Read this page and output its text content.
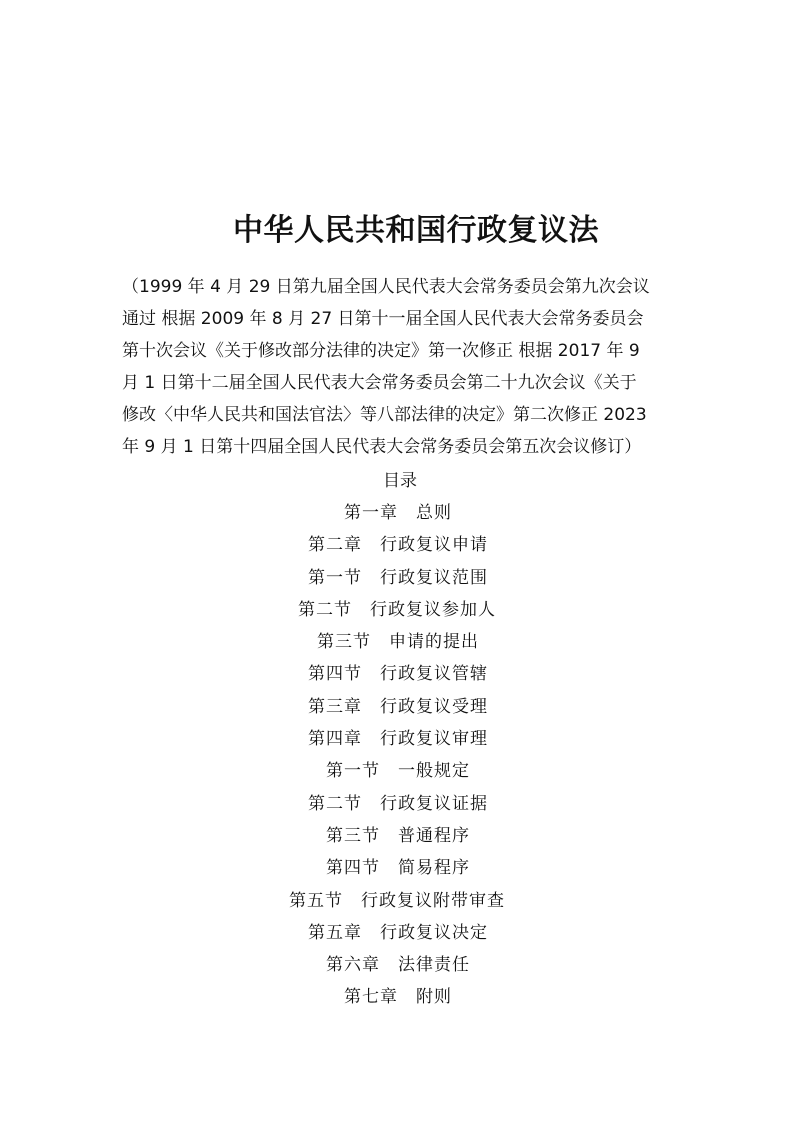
中华人民共和国行政复议法
（1999 年 4 月 29 日第九届全国人民代表大会常务委员会第九次会议
通过 根据 2009 年 8 月 27 日第十一届全国人民代表大会常务委员会
第十次会议《关于修改部分法律的决定》第一次修正 根据 2017 年 9
月 1 日第十二届全国人民代表大会常务委员会第二十九次会议《关于
修改〈中华人民共和国法官法〉等八部法律的决定》第二次修正 2023
年 9 月 1 日第十四届全国人民代表大会常务委员会第五次会议修订）
目录
第一章　总则
第二章　行政复议申请
第一节　行政复议范围
第二节　行政复议参加人
第三节　申请的提出
第四节　行政复议管辖
第三章　行政复议受理
第四章　行政复议审理
第一节　一般规定
第二节　行政复议证据
第三节　普通程序
第四节　简易程序
第五节　行政复议附带审查
第五章　行政复议决定
第六章　法律责任
第七章　附则
